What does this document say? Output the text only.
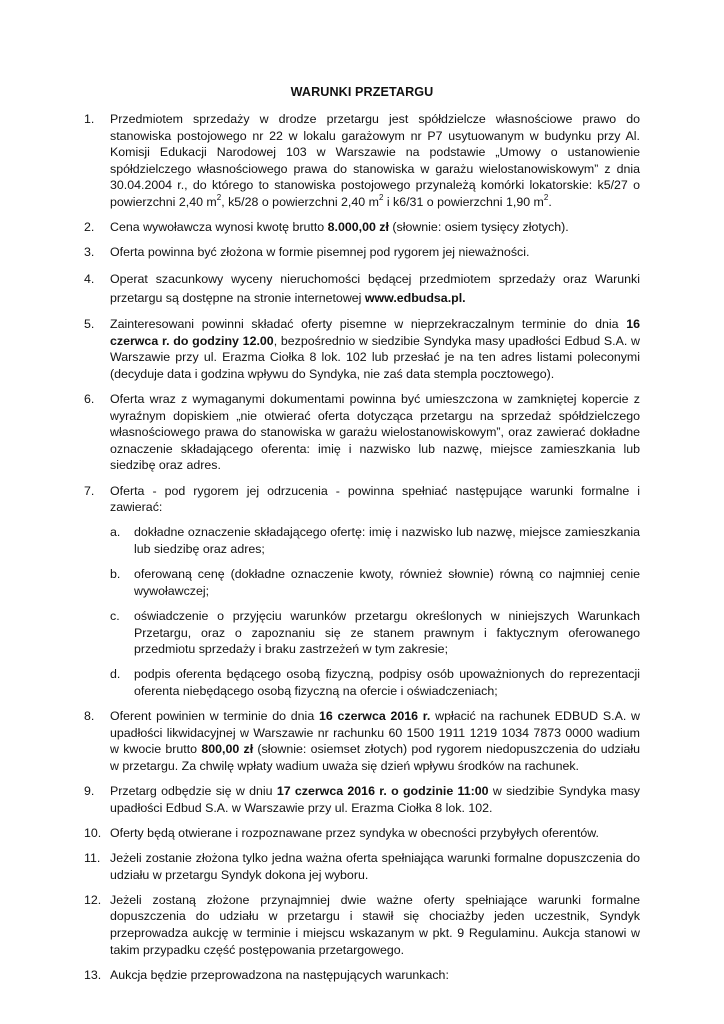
WARUNKI PRZETARGU
1.	Przedmiotem sprzedaży w drodze przetargu jest spółdzielcze własnościowe prawo do stanowiska postojowego nr 22 w lokalu garażowym nr P7 usytuowanym w budynku przy Al. Komisji Edukacji Narodowej 103 w Warszawie na podstawie „Umowy o ustanowienie spółdzielczego własnościowego prawa do stanowiska w garażu wielostanowiskowym” z dnia 30.04.2004 r., do którego to stanowiska postojowego przynależą komórki lokatorskie: k5/27 o powierzchni 2,40 $m^2$, k5/28 o powierzchni 2,40 $m^2$ i k6/31 o powierzchni 1,90 $m^2$.
2.	Cena wywoławcza wynosi kwotę brutto 8.000,00 zł (słownie: osiem tysięcy złotych).
3.	Oferta powinna być złożona w formie pisemnej pod rygorem jej nieważności.
4.	Operat szacunkowy wyceny nieruchomości będącej przedmiotem sprzedaży oraz Warunki przetargu są dostępne na stronie internetowej www.edbudsa.pl.
5.	Zainteresowani powinni składać oferty pisemne w nieprzekraczalnym terminie do dnia 16 czerwca r. do godziny 12.00, bezpośrednio w siedzibie Syndyka masy upadłości Edbud S.A. w Warszawie przy ul. Erazma Ciołka 8 lok. 102 lub przesłać je na ten adres listami poleconymi (decyduje data i godzina wpływu do Syndyka, nie zaś data stempla pocztowego).
6.	Oferta wraz z wymaganymi dokumentami powinna być umieszczona w zamkniętej kopercie z wyraźnym dopiskiem „nie otwierać oferta dotycząca przetargu na sprzedaż spółdzielczego własnościowego prawa do stanowiska w garażu wielostanowiskowym”, oraz zawierać dokładne oznaczenie składającego oferenta: imię i nazwisko lub nazwę, miejsce zamieszkania lub siedzibę oraz adres.
7.	Oferta - pod rygorem jej odrzucenia - powinna spełniać następujące warunki formalne i zawierać:
a.	dokładne oznaczenie składającego ofertę: imię i nazwisko lub nazwę, miejsce zamieszkania lub siedzibę oraz adres;
b.	oferowaną cenę (dokładne oznaczenie kwoty, również słownie) równą co najmniej cenie wywoławczej;
c.	oświadczenie o przyjęciu warunków przetargu określonych w niniejszych Warunkach Przetargu, oraz o zapoznaniu się ze stanem prawnym i faktycznym oferowanego przedmiotu sprzedaży i braku zastrzeżeń w tym zakresie;
d.	podpis oferenta będącego osobą fizyczną, podpisy osób upoważnionych do reprezentacji oferenta niebędącego osobą fizyczną na ofercie i oświadczeniach;
8.	Oferent powinien w terminie do dnia 16 czerwca 2016 r. wpłacić na rachunek EDBUD S.A. w upadłości likwidacyjnej w Warszawie nr rachunku 60 1500 1911 1219 1034 7873 0000 wadium w kwocie brutto 800,00 zł (słownie: osiemset złotych) pod rygorem niedopuszczenia do udziału w przetargu. Za chwilę wpłaty wadium uważa się dzień wpływu środków na rachunek.
9.	Przetarg odbędzie się w dniu 17 czerwca 2016 r. o godzinie 11:00 w siedzibie Syndyka masy upadłości Edbud S.A. w Warszawie przy ul. Erazma Ciołka 8 lok. 102.
10. Oferty będą otwierane i rozpoznawane przez syndyka w obecności przybyłych oferentów.
11. Jeżeli zostanie złożona tylko jedna ważna oferta spełniająca warunki formalne dopuszczenia do udziału w przetargu Syndyk dokona jej wyboru.
12. Jeżeli zostaną złożone przynajmniej dwie ważne oferty spełniające warunki formalne dopuszczenia do udziału w przetargu i stawił się chociażby jeden uczestnik, Syndyk przeprowadza aukcję w terminie i miejscu wskazanym w pkt. 9 Regulaminu. Aukcja stanowi w takim przypadku część postępowania przetargowego.
13. Aukcja będzie przeprowadzona na następujących warunkach:
